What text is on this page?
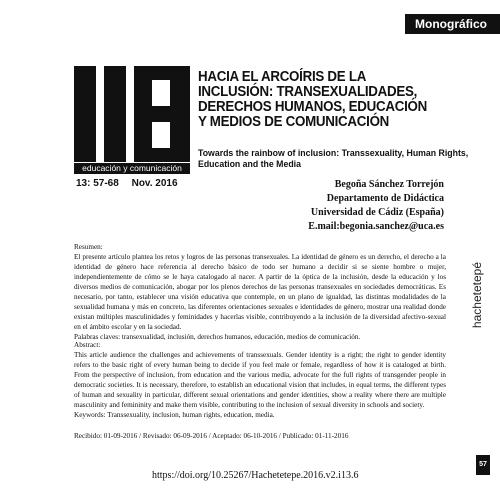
Monográfico
educación y comunicación
13: 57-68 Nov. 2016
HACIA EL ARCOÍRIS DE LA INCLUSIÓN: TRANSEXUALIDADES, DERECHOS HUMANOS, EDUCACIÓN Y MEDIOS DE COMUNICACIÓN
Towards the rainbow of inclusion: Transsexuality, Human Rights, Education and the Media
Begoña Sánchez Torrejón
Departamento de Didáctica
Universidad de Cádiz (España)
E.mail:begonia.sanchez@uca.es
hachetetepé
Resumen:
El presente artículo plantea los retos y logros de las personas transexuales. La identidad de género es un derecho, el derecho a la identidad de género hace referencia al derecho básico de todo ser humano a decidir si se siente hombre o mujer, independientemente de cómo se le haya catalogado al nacer. A partir de la óptica de la inclusión, desde la educación y los diversos medios de comunicación, abogar por los plenos derechos de las personas transexuales en sociedades democráticas. Es necesario, por tanto, establecer una visión educativa que contemple, en un plano de igualdad, las distintas modalidades de la sexualidad humana y más en concreto, las diferentes orientaciones sexuales e identidades de género, mostrar una realidad donde existan múltiples masculinidades y feminidades y hacerlas visible, contribuyendo a la inclusión de la diversidad afectivo-sexual en el ámbito escolar y en la sociedad.
Palabras claves: transexualidad, inclusión, derechos humanos, educación, medios de comunicación.
Abstract:
This article audience the challenges and achievements of transsexuals. Gender identity is a right; the right to gender identity refers to the basic right of every human being to decide if you feel male or female, regardless of how it is cataloged at birth. From the perspective of inclusion, from education and the various media, advocate for the full rights of transgender people in democratic societies. It is necessary, therefore, to establish an educational vision that includes, in equal terms, the different types of human and sexuality in particular, different sexual orientations and gender identities, show a reality where there are multiple masculinity and femininity and make them visible, contributing to the inclusion of sexual diversity in schools and society.
Keywords: Transsexuality, inclusion, human rights, education, media.
Recibido: 01-09-2016 / Revisado: 06-09-2016 / Aceptado: 06-10-2016 / Publicado: 01-11-2016
https://doi.org/10.25267/Hachetetepe.2016.v2.i13.6
57
